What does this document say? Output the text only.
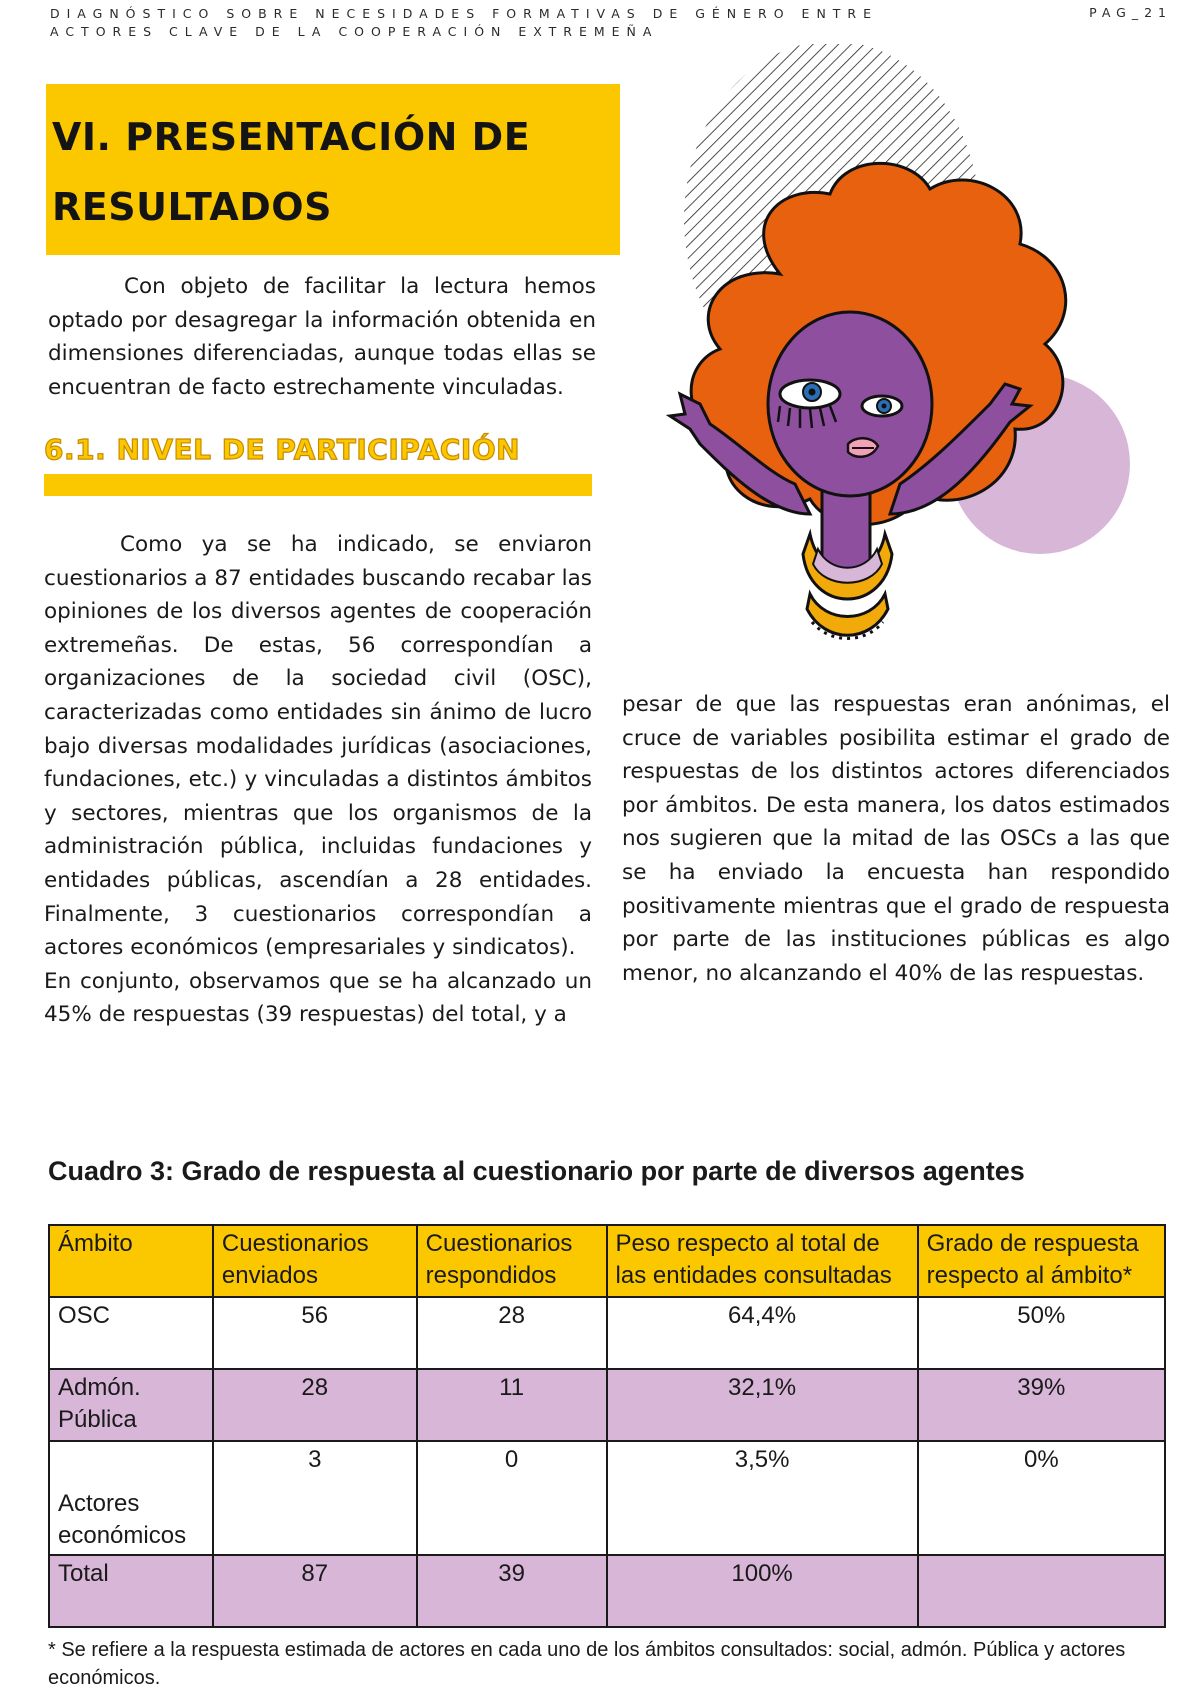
DIAGNÓSTICO SOBRE NECESIDADES FORMATIVAS DE GÉNERO ENTRE ACTORES CLAVE DE LA COOPERACIÓN EXTREMEÑA
PAG_21
VI. PRESENTACIÓN DE RESULTADOS

Con objeto de facilitar la lectura hemos optado por desagregar la información obtenida en dimensiones diferenciadas, aunque todas ellas se encuentran de facto estrechamente vinculadas.

6.1. NIVEL DE PARTICIPACIÓN

Como ya se ha indicado, se enviaron cuestionarios a 87 entidades buscando recabar las opiniones de los diversos agentes de cooperación extremeñas. De estas, 56 correspondían a organizaciones de la sociedad civil (OSC), caracterizadas como entidades sin ánimo de lucro bajo diversas modalidades jurídicas (asociaciones, fundaciones, etc.) y vinculadas a distintos ámbitos y sectores, mientras que los organismos de la administración pública, incluidas fundaciones y entidades públicas, ascendían a 28 entidades. Finalmente, 3 cuestionarios correspondían a actores económicos (empresariales y sindicatos).

En conjunto, observamos que se ha alcanzado un 45% de respuestas (39 respuestas) del total, y a

pesar de que las respuestas eran anónimas, el cruce de variables posibilita estimar el grado de respuestas de los distintos actores diferenciados por ámbitos. De esta manera, los datos estimados nos sugieren que la mitad de las OSCs a las que se ha enviado la encuesta han respondido positivamente mientras que el grado de respuesta por parte de las instituciones públicas es algo menor, no alcanzando el 40% de las respuestas.

Cuadro 3: Grado de respuesta al cuestionario por parte de diversos agentes
Ámbito	Cuestionarios enviados	Cuestionarios respondidos	Peso respecto al total de las entidades consultadas	Grado de respuesta respecto al ámbito*
OSC	56	28	64,4%	50%
Admón. Pública	28	11	32,1%	39%
Actores económicos	3	0	3,5%	0%
Total	87	39	100%	

* Se refiere a la respuesta estimada de actores en cada uno de los ámbitos consultados: social, admón. Pública y actores económicos.
